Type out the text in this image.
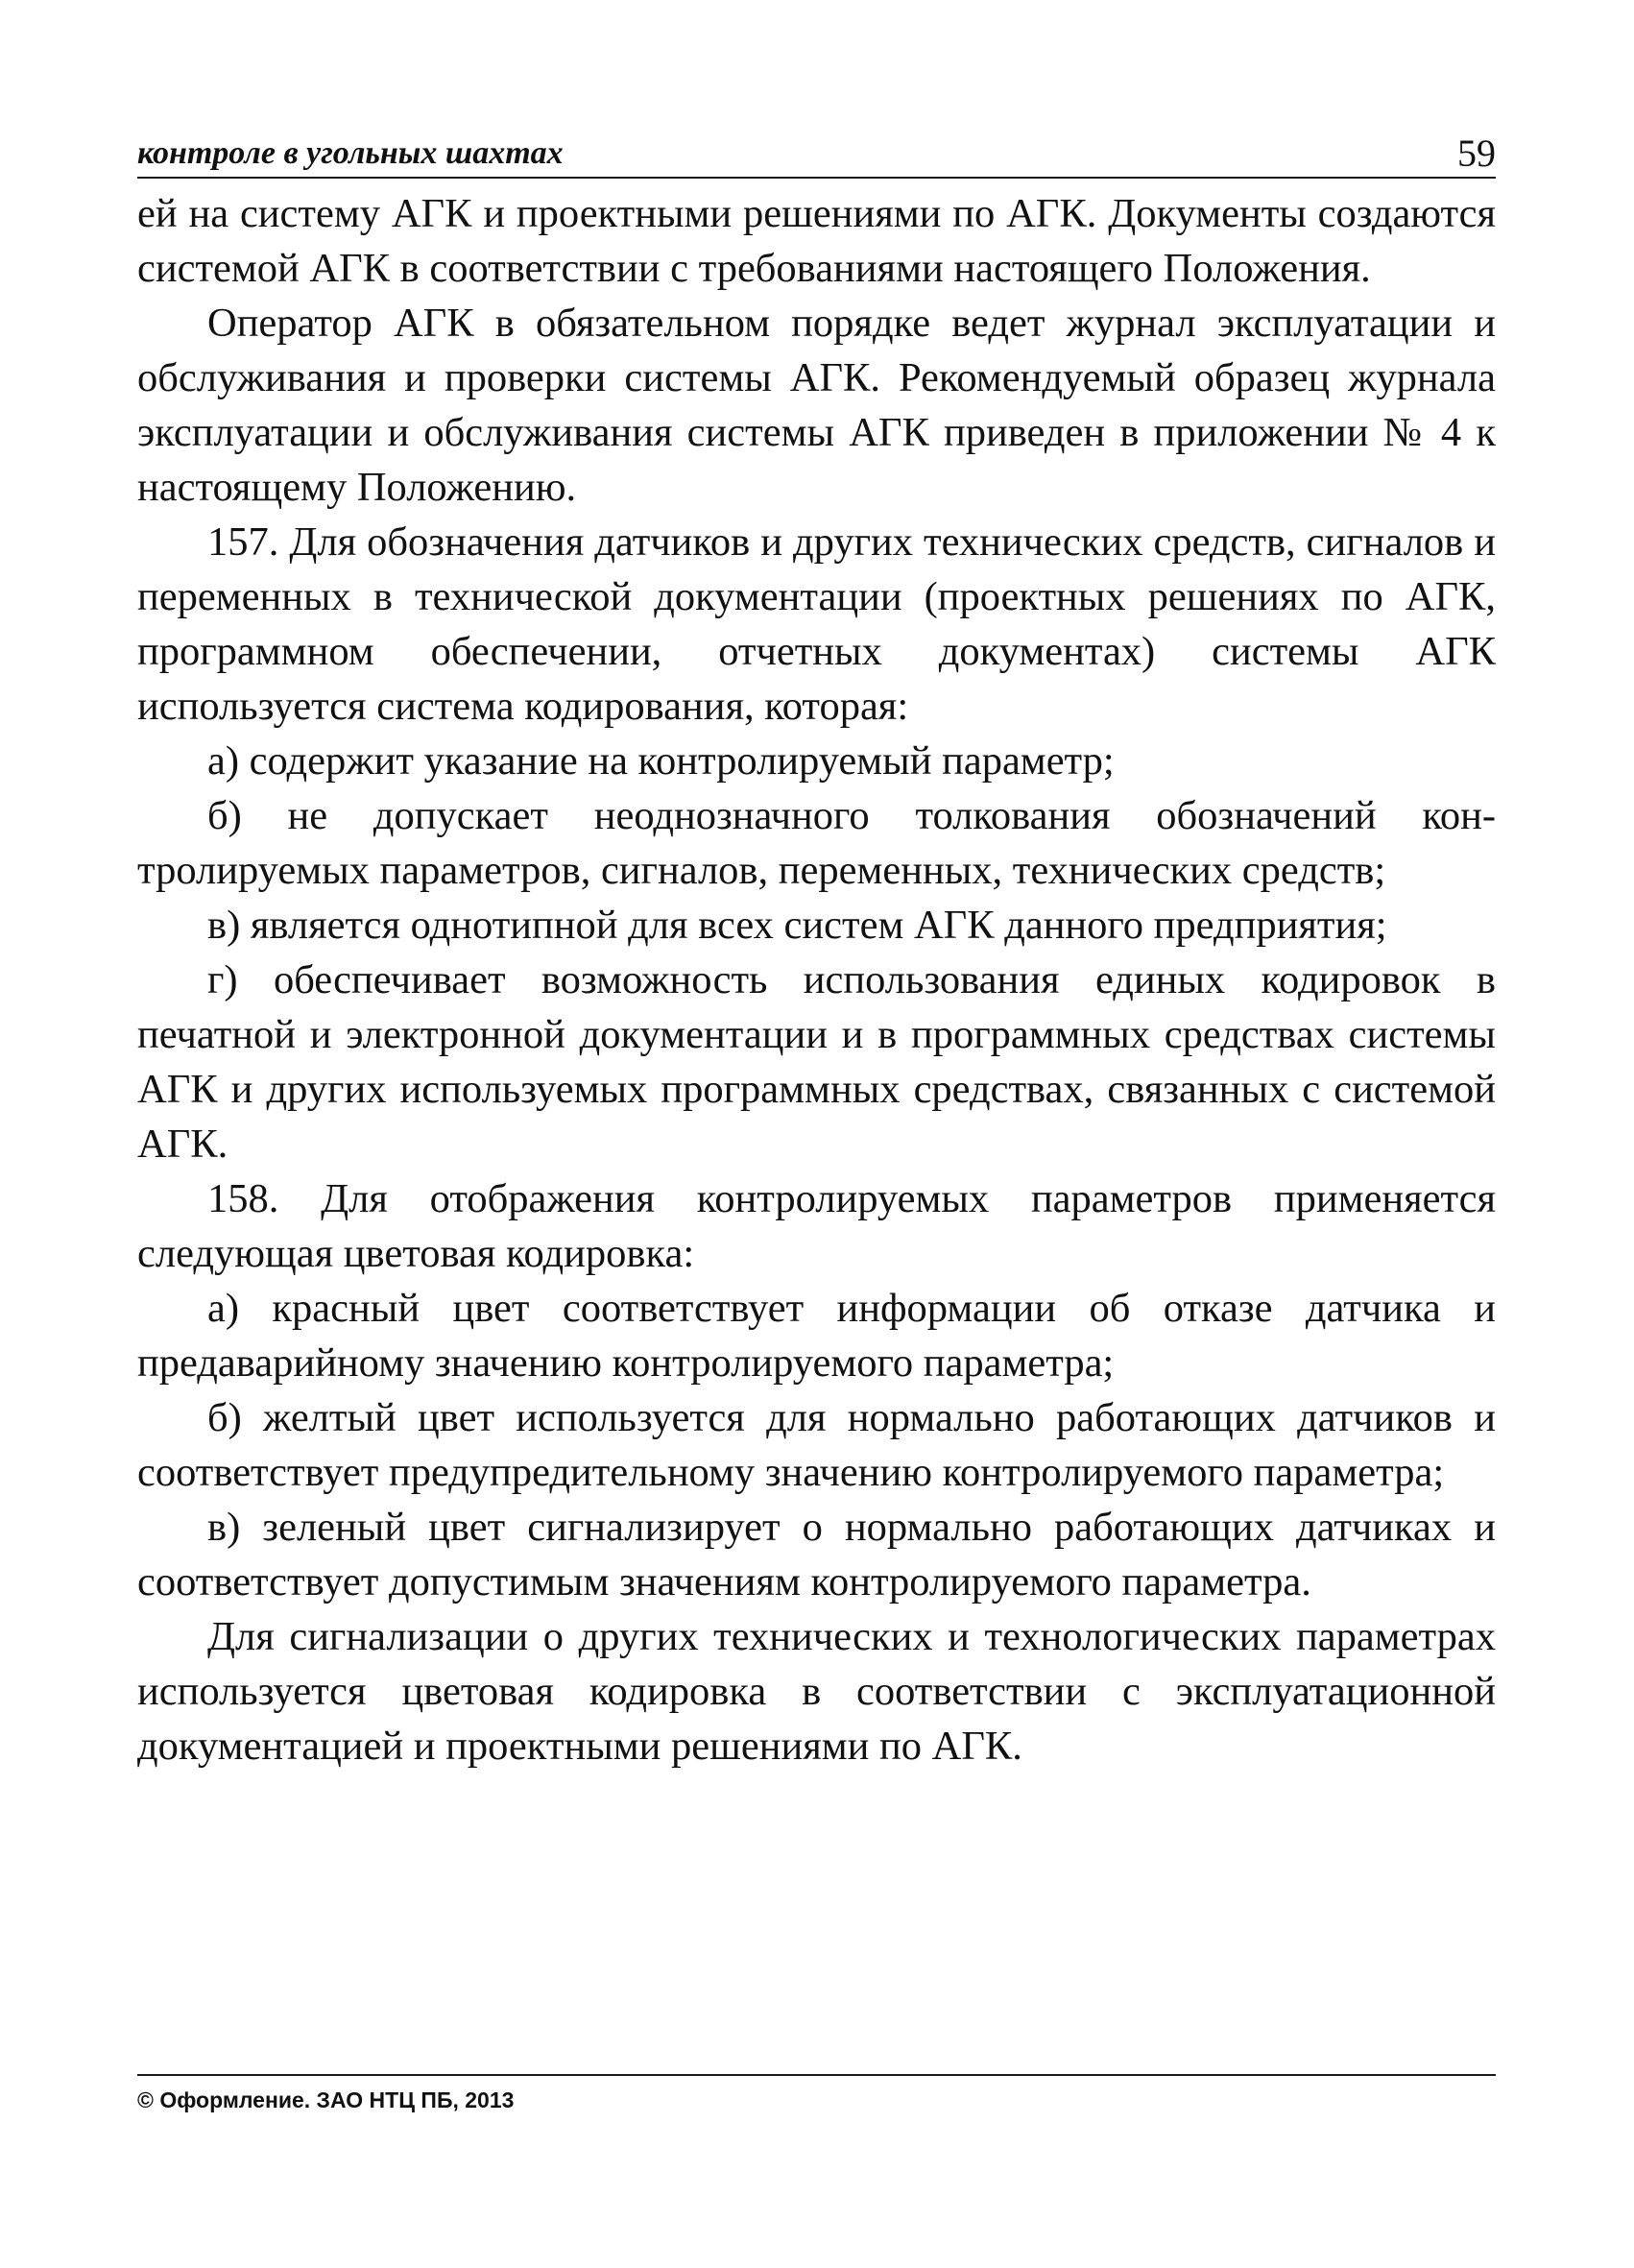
контроле в угольных шахтах	59

ей на систему АГК и проектными решениями по АГК. Документы создаются системой АГК в соответствии с требованиями настоящего Положения.

Оператор АГК в обязательном порядке ведет журнал эксплуатации и обслуживания и проверки системы АГК. Рекомендуемый образец журнала эксплуатации и обслуживания системы АГК приведен в приложении № 4 к настоящему Положению.

157. Для обозначения датчиков и других технических средств, сигналов и переменных в технической документации (проектных решениях по АГК, программном обеспечении, отчетных документах) системы АГК используется система кодирования, которая:

а) содержит указание на контролируемый параметр;

б) не допускает неоднозначного толкования обозначений контролируемых параметров, сигналов, переменных, технических средств;

в) является однотипной для всех систем АГК данного предприятия;

г) обеспечивает возможность использования единых кодировок в печатной и электронной документации и в программных средствах системы АГК и других используемых программных средствах, связанных с системой АГК.

158. Для отображения контролируемых параметров применяется следующая цветовая кодировка:

а) красный цвет соответствует информации об отказе датчика и предаварийному значению контролируемого параметра;

б) желтый цвет используется для нормально работающих датчиков и соответствует предупредительному значению контролируемого параметра;

в) зеленый цвет сигнализирует о нормально работающих датчиках и соответствует допустимым значениям контролируемого параметра.

Для сигнализации о других технических и технологических параметрах используется цветовая кодировка в соответствии с эксплуатационной документацией и проектными решениями по АГК.

© Оформление. ЗАО НТЦ ПБ, 2013
